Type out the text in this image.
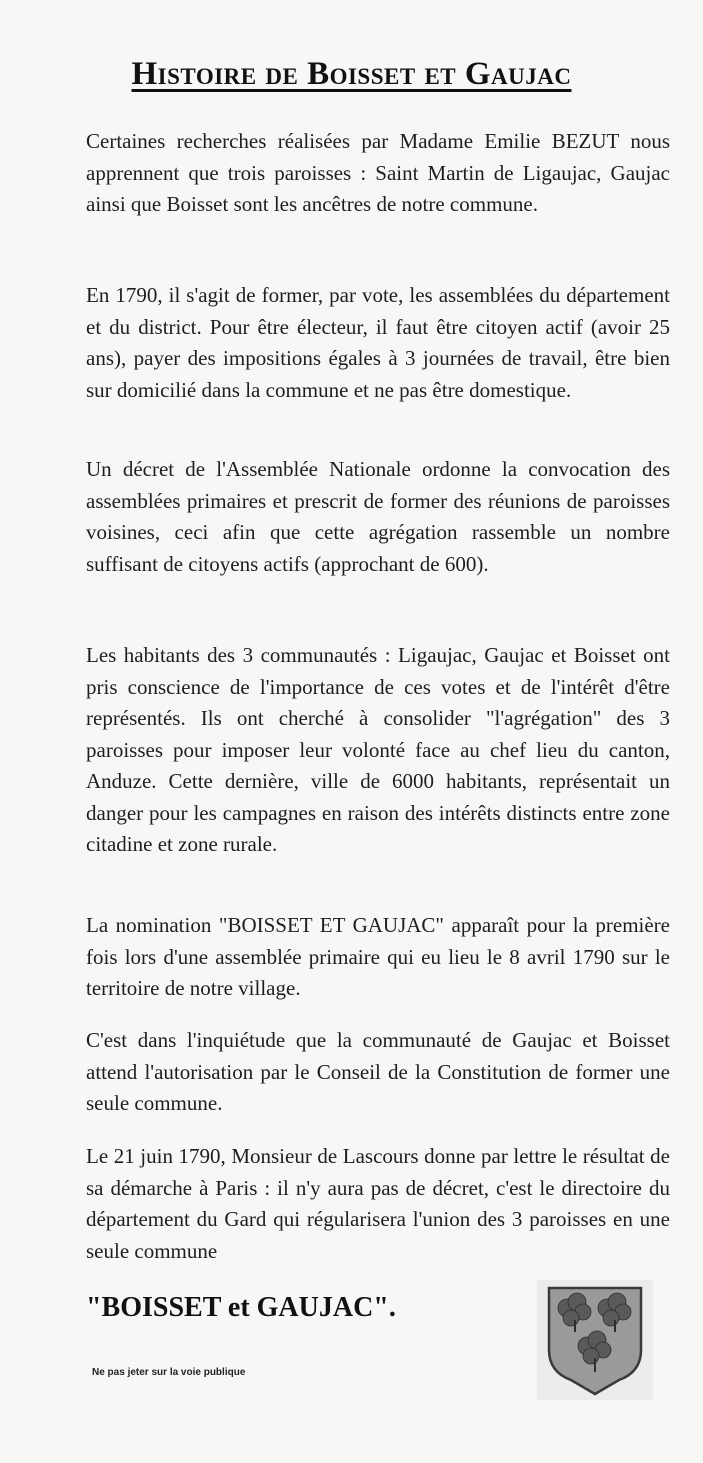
Histoire de Boisset et Gaujac
Certaines recherches réalisées par Madame Emilie BEZUT nous apprennent que trois paroisses : Saint Martin de Ligaujac, Gaujac ainsi que Boisset sont les ancêtres de notre commune.
En 1790, il s'agit de former, par vote, les assemblées du département et du district. Pour être électeur, il faut être citoyen actif (avoir 25 ans), payer des impositions égales à 3 journées de travail, être bien sur domicilié dans la commune et ne pas être domestique.
Un décret de l'Assemblée Nationale ordonne la convocation des assemblées primaires et prescrit de former des réunions de paroisses voisines, ceci afin que cette agrégation rassemble un nombre suffisant de citoyens actifs (approchant de 600).
Les habitants des 3 communautés : Ligaujac, Gaujac et Boisset ont pris conscience de l'importance de ces votes et de l'intérêt d'être représentés. Ils ont cherché à consolider "l'agrégation" des 3 paroisses pour imposer leur volonté face au chef lieu du canton, Anduze. Cette dernière, ville de 6000 habitants, représentait un danger pour les campagnes en raison des intérêts distincts entre zone citadine et zone rurale.
La nomination "BOISSET ET GAUJAC" apparaît pour la première fois lors d'une assemblée primaire qui eu lieu le 8 avril 1790 sur le territoire de notre village.
C'est dans l'inquiétude que la communauté de Gaujac et Boisset attend l'autorisation par le Conseil de la Constitution de former une seule commune.
Le 21 juin 1790, Monsieur de Lascours donne par lettre le résultat de sa démarche à Paris : il n'y aura pas de décret, c'est le directoire du département du Gard qui régularisera l'union des 3 paroisses en une seule commune
"BOISSET et GAUJAC".
Ne pas jeter sur la voie publique
